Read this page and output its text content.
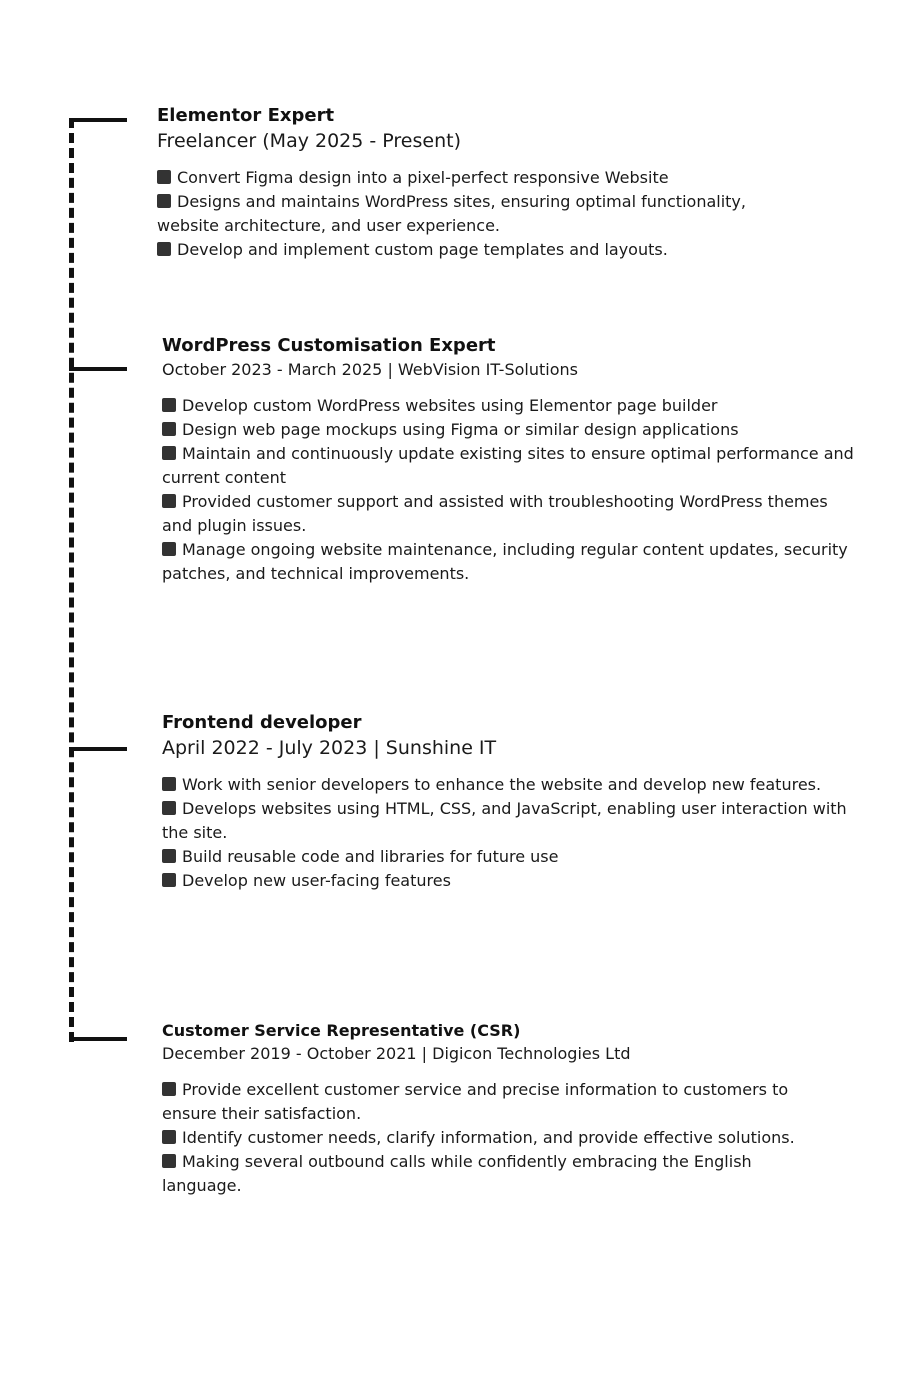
Elementor Expert

Freelancer (May 2025 - Present)

Convert Figma design into a pixel-perfect responsive Website
Designs and maintains WordPress sites, ensuring optimal functionality, website architecture, and user experience.
Develop and implement custom page templates and layouts.
WordPress Customisation Expert

October 2023 - March 2025 | WebVision IT-Solutions

Develop custom WordPress websites using Elementor page builder
Design web page mockups using Figma or similar design applications
Maintain and continuously update existing sites to ensure optimal performance and current content
Provided customer support and assisted with troubleshooting WordPress themes and plugin issues.
Manage ongoing website maintenance, including regular content updates, security patches, and technical improvements.
Frontend developer

April 2022 - July 2023 | Sunshine IT

Work with senior developers to enhance the website and develop new features.
Develops websites using HTML, CSS, and JavaScript, enabling user interaction with the site.
Build reusable code and libraries for future use
Develop new user-facing features
Customer Service Representative (CSR)

December 2019 - October 2021 | Digicon Technologies Ltd

Provide excellent customer service and precise information to customers to ensure their satisfaction.
Identify customer needs, clarify information, and provide effective solutions.
Making several outbound calls while confidently embracing the English language.
